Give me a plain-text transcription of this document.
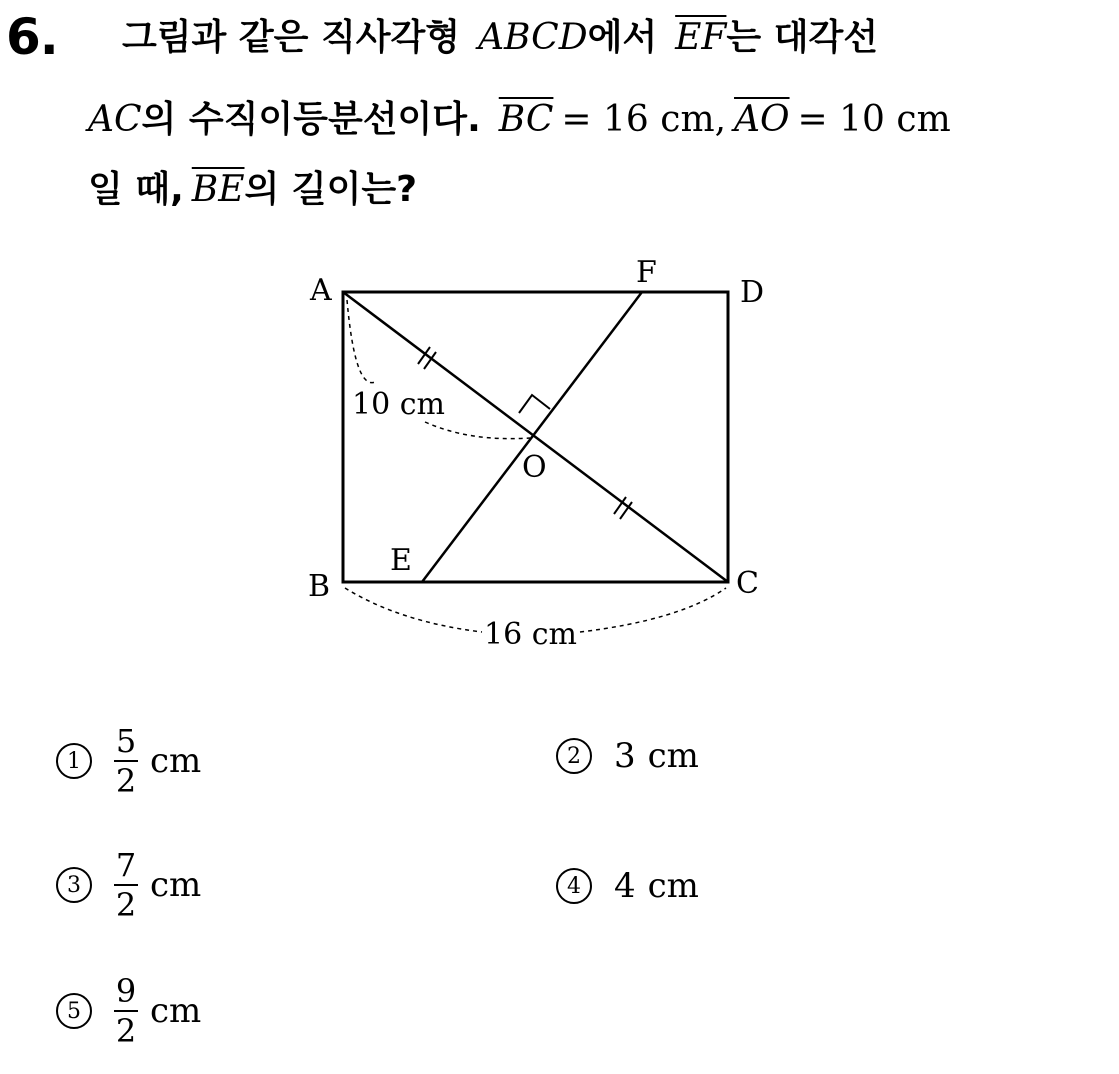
6. 그림과 같은 직사각형 ABCD에서 $\overline{EF}$는 대각선
AC의 수직이등분선이다. $\overline{BC} = 16$ cm, $\overline{AO} = 10$ cm
일 때, $\overline{BE}$의 길이는?
A
B	C
D
E
F
O
10 cm
16 cm
1	$\frac{5}{2}$ cm	2 3 cm
3	$\frac{7}{2}$ cm	4 4 cm
5	$\frac{9}{2}$ cm
